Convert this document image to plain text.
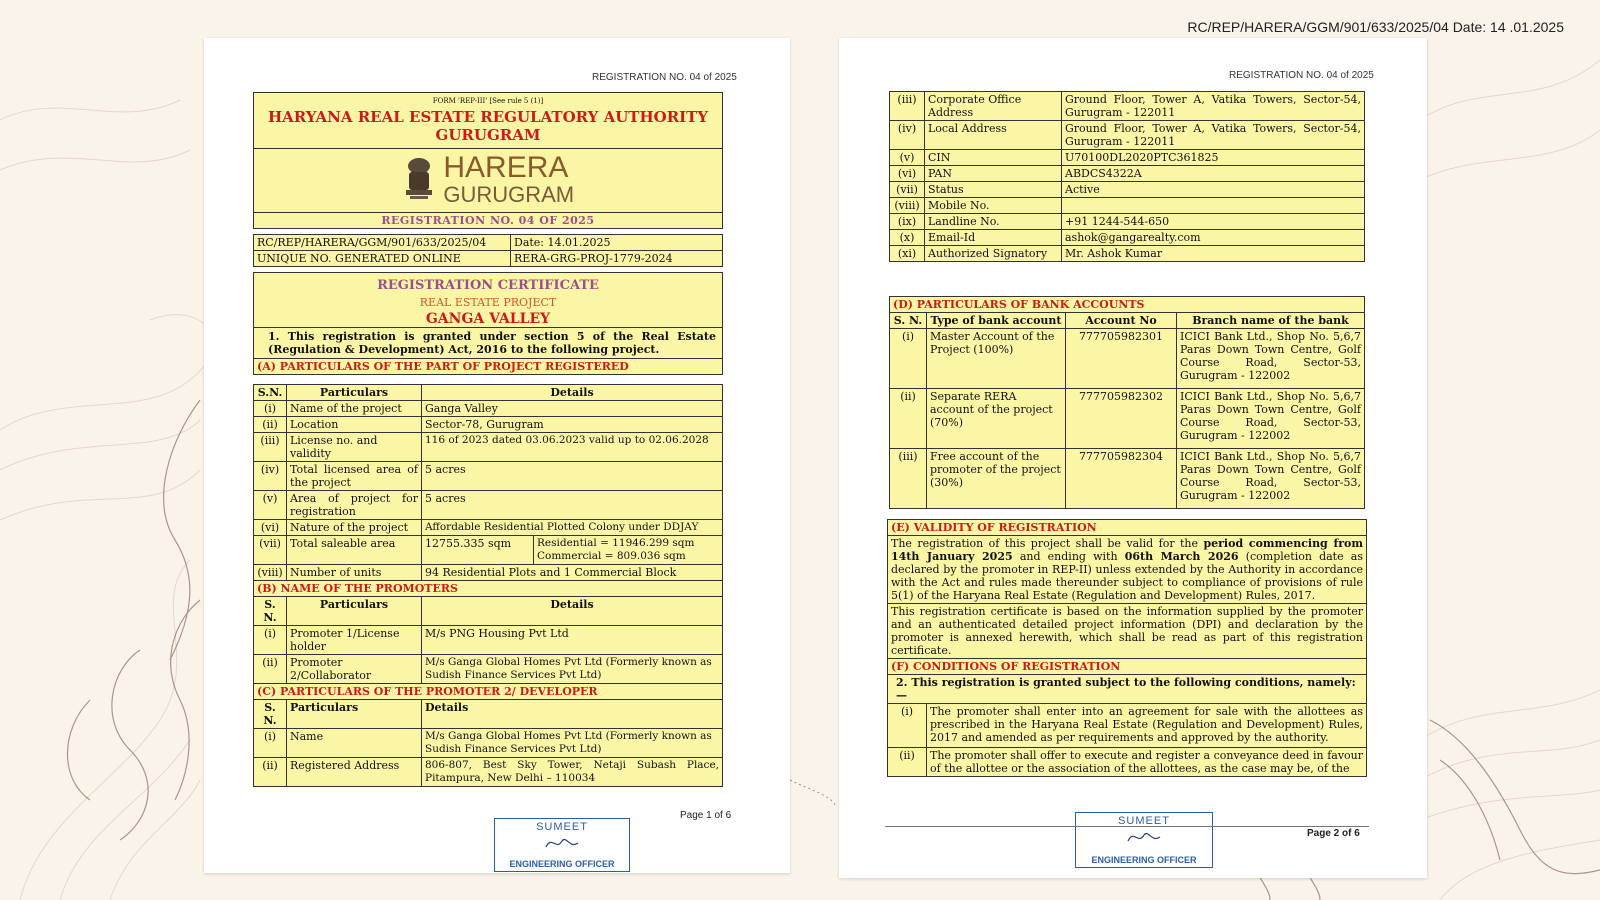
RC/REP/HARERA/GGM/901/633/2025/04 Date: 14 .01.2025
REGISTRATION NO. 04 of 2025
FORM 'REP-III' [See rule 5 (1)]
HARYANA REAL ESTATE REGULATORY AUTHORITY
GURUGRAM

HARERA
GURUGRAM

REGISTRATION NO. 04 OF 2025
RC/REP/HARERA/GGM/901/633/2025/04	Date: 14.01.2025
UNIQUE NO. GENERATED ONLINE	RERA-GRG-PROJ-1779-2024
REGISTRATION CERTIFICATE
REAL ESTATE PROJECT
GANGA VALLEY

1. This registration is granted under section 5 of the Real Estate (Regulation & Development) Act, 2016 to the following project.
(A) PARTICULARS OF THE PART OF PROJECT REGISTERED
S.N.	Particulars	Details	
(i)	Name of the project	Ganga Valley	
(ii)	Location	Sector-78, Gurugram	
(iii)	License no. and validity	116 of 2023 dated 03.06.2023 valid up to 02.06.2028	
(iv)	Total licensed area of the project	5 acres	
(v)	Area of project for registration	5 acres	
(vi)	Nature of the project	Affordable Residential Plotted Colony under DDJAY	
(vii)	Total saleable area	12755.335 sqm	Residential = 11946.299 sqm
Commercial = 809.036 sqm

(viii)	Number of units	94 Residential Plots and 1 Commercial Block	
(B) NAME OF THE PROMOTERS			
S. N.	Particulars	Details	
(i)	Promoter 1/License holder	M/s PNG Housing Pvt Ltd	
(ii)	Promoter 2/Collaborator	M/s Ganga Global Homes Pvt Ltd (Formerly known as Sudish Finance Services Pvt Ltd)	
(C) PARTICULARS OF THE PROMOTER 2/ DEVELOPER			
S. N.	Particulars	Details	
(i)	Name	M/s Ganga Global Homes Pvt Ltd (Formerly known as Sudish Finance Services Pvt Ltd)	
(ii)	Registered Address	806-807, Best Sky Tower, Netaji Subash Place, Pitampura, New Delhi – 110034	
SUMEET
ENGINEERING OFFICER
Page 1 of 6
REGISTRATION NO. 04 of 2025
(iii)	Corporate Office Address	Ground Floor, Tower A, Vatika Towers, Sector-54, Gurugram - 122011
(iv)	Local Address	Ground Floor, Tower A, Vatika Towers, Sector-54, Gurugram - 122011
(v)	CIN	U70100DL2020PTC361825
(vi)	PAN	ABDCS4322A
(vii)	Status	Active
(viii)	Mobile No.	
(ix)	Landline No.	+91 1244-544-650
(x)	Email-Id	ashok@gangarealty.com
(xi)	Authorized Signatory	Mr. Ashok Kumar
(D) PARTICULARS OF BANK ACCOUNTS			
S. N.	Type of bank account	Account No	Branch name of the bank
(i)	Master Account of the Project (100%)	777705982301	ICICI Bank Ltd., Shop No. 5,6,7 Paras Down Town Centre, Golf Course Road, Sector-53, Gurugram - 122002
(ii)	Separate RERA account of the project (70%)	777705982302	ICICI Bank Ltd., Shop No. 5,6,7 Paras Down Town Centre, Golf Course Road, Sector-53, Gurugram - 122002
(iii)	Free account of the promoter of the project (30%)	777705982304	ICICI Bank Ltd., Shop No. 5,6,7 Paras Down Town Centre, Golf Course Road, Sector-53, Gurugram - 122002
(E) VALIDITY OF REGISTRATION	
The registration of this project shall be valid for the period commencing from 14th January 2025 and ending with 06th March 2026 (completion date as declared by the promoter in REP-II) unless extended by the Authority in accordance with the Act and rules made thereunder subject to compliance of provisions of rule 5(1) of the Haryana Real Estate (Regulation and Development) Rules, 2017.	
This registration certificate is based on the information supplied by the promoter and an authenticated detailed project information (DPI) and declaration by the promoter is annexed herewith, which shall be read as part of this registration certificate.	
(F) CONDITIONS OF REGISTRATION	
2. This registration is granted subject to the following conditions, namely: —	
(i)	The promoter shall enter into an agreement for sale with the allottees as prescribed in the Haryana Real Estate (Regulation and Development) Rules, 2017 and amended as per requirements and approved by the authority.
(ii)	The promoter shall offer to execute and register a conveyance deed in favour of the allottee or the association of the allottees, as the case may be, of the
SUMEET
ENGINEERING OFFICER
Page 2 of 6
